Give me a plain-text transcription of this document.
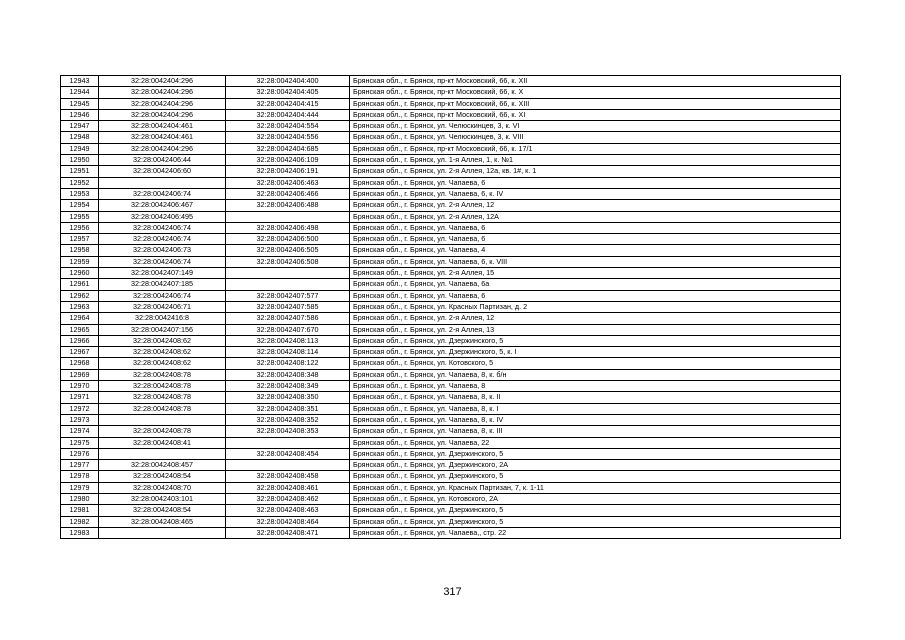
12943	32:28:0042404:296	32:28:0042404:400	Брянская обл., г. Брянск, пр-кт Московский, 66, к. XII
12944	32:28:0042404:296	32:28:0042404:405	Брянская обл., г. Брянск, пр-кт Московский, 66, к. X
12945	32:28:0042404:296	32:28:0042404:415	Брянская обл., г. Брянск, пр-кт Московский, 66, к. XIII
12946	32:28:0042404:296	32:28:0042404:444	Брянская обл., г. Брянск, пр-кт Московский, 66, к. XI
12947	32:28:0042404:461	32:28:0042404:554	Брянская обл., г. Брянск, ул. Челюскинцев, 3, к. VI
12948	32:28:0042404:461	32:28:0042404:556	Брянская обл., г. Брянск, ул. Челюскинцев, 3, к. VIII
12949	32:28:0042404:296	32:28:0042404:685	Брянская обл., г. Брянск, пр-кт Московский, 66, к. 17/1
12950	32:28:0042406:44	32:28:0042406:109	Брянская обл., г. Брянск, ул. 1-я Аллея, 1, к. №1
12951	32:28:0042406:60	32:28:0042406:191	Брянская обл., г. Брянск, ул. 2-я Аллея, 12а, кв. 1#, к. 1
12952		32:28:0042406:463	Брянская обл., г. Брянск, ул. Чапаева, 6
12953	32:28:0042406:74	32:28:0042406:466	Брянская обл., г. Брянск, ул. Чапаева, 6, к. IV
12954	32:28:0042406:467	32:28:0042406:488	Брянская обл., г. Брянск, ул. 2-я Аллея, 12
12955	32:28:0042406:495		Брянская обл., г. Брянск, ул. 2-я Аллея, 12А
12956	32:28:0042406:74	32:28:0042406:498	Брянская обл., г. Брянск, ул. Чапаева, 6
12957	32:28:0042406:74	32:28:0042406:500	Брянская обл., г. Брянск, ул. Чапаева, 6
12958	32:28:0042406:73	32:28:0042406:505	Брянская обл., г. Брянск, ул. Чапаева, 4
12959	32:28:0042406:74	32:28:0042406:508	Брянская обл., г. Брянск, ул. Чапаева, 6, к. VIII
12960	32:28:0042407:149		Брянская обл., г. Брянск, ул. 2-я Аллея, 15
12961	32:28:0042407:185		Брянская обл., г. Брянск, ул. Чапаева, 6а
12962	32:28:0042406:74	32:28:0042407:577	Брянская обл., г. Брянск, ул. Чапаева, 6
12963	32:28:0042406:71	32:28:0042407:585	Брянская обл., г. Брянск, ул. Красных Партизан, д. 2
12964	32:28:0042416:8	32:28:0042407:586	Брянская обл., г. Брянск, ул. 2-я Аллея, 12
12965	32:28:0042407:156	32:28:0042407:670	Брянская обл., г. Брянск, ул. 2-я Аллея, 13
12966	32:28:0042408:62	32:28:0042408:113	Брянская обл., г. Брянск, ул. Дзержинского, 5
12967	32:28:0042408:62	32:28:0042408:114	Брянская обл., г. Брянск, ул. Дзержинского, 5, к. I
12968	32:28:0042408:62	32:28:0042408:122	Брянская обл., г. Брянск, ул. Котовского, 5
12969	32:28:0042408:78	32:28:0042408:348	Брянская обл., г. Брянск, ул. Чапаева, 8, к. б/н
12970	32:28:0042408:78	32:28:0042408:349	Брянская обл., г. Брянск, ул. Чапаева, 8
12971	32:28:0042408:78	32:28:0042408:350	Брянская обл., г. Брянск, ул. Чапаева, 8, к. II
12972	32:28:0042408:78	32:28:0042408:351	Брянская обл., г. Брянск, ул. Чапаева, 8, к. I
12973		32:28:0042408:352	Брянская обл., г. Брянск, ул. Чапаева, 8, к. IV
12974	32:28:0042408:78	32:28:0042408:353	Брянская обл., г. Брянск, ул. Чапаева, 8, к. III
12975	32:28:0042408:41		Брянская обл., г. Брянск, ул. Чапаева, 22
12976		32:28:0042408:454	Брянская обл., г. Брянск, ул. Дзержинского, 5
12977	32:28:0042408:457		Брянская обл., г. Брянск, ул. Дзержинского, 2А
12978	32:28:0042408:54	32:28:0042408:458	Брянская обл., г. Брянск, ул. Дзержинского, 5
12979	32:28:0042408:70	32:28:0042408:461	Брянская обл., г. Брянск, ул. Красных Партизан, 7, к. 1-11
12980	32:28:0042403:101	32:28:0042408:462	Брянская обл., г. Брянск, ул. Котовского, 2А
12981	32:28:0042408:54	32:28:0042408:463	Брянская обл., г. Брянск, ул. Дзержинского, 5
12982	32:28:0042408:465	32:28:0042408:464	Брянская обл., г. Брянск, ул. Дзержинского, 5
12983		32:28:0042408:471	Брянская обл., г. Брянск, ул. Чапаева,, стр. 22
317
